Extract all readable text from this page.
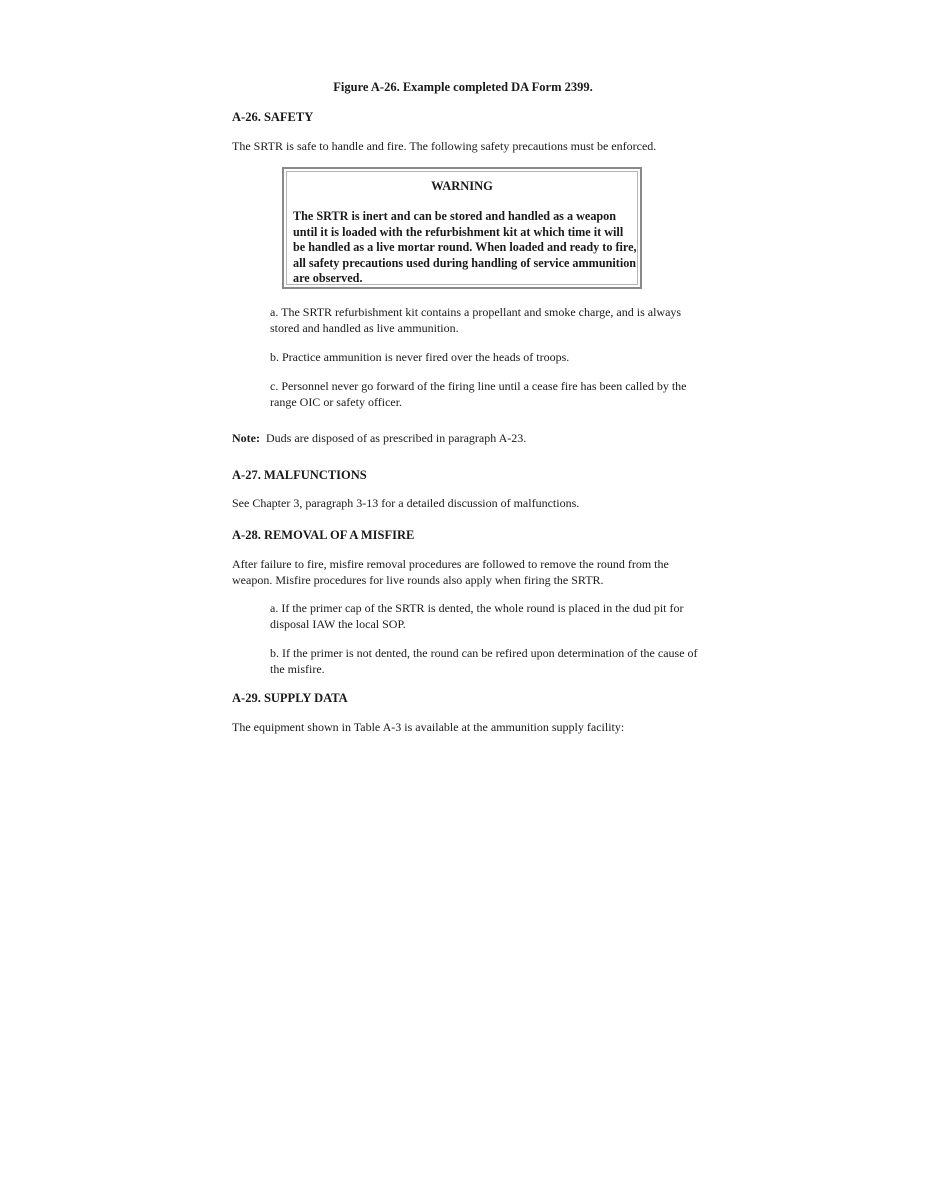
Figure A-26. Example completed DA Form 2399.

A-26. SAFETY

The SRTR is safe to handle and fire. The following safety precautions must be enforced.

WARNING

The SRTR is inert and can be stored and handled as a weapon until it is loaded with the refurbishment kit at which time it will be handled as a live mortar round. When loaded and ready to fire, all safety precautions used during handling of service ammunition are observed.

a. The SRTR refurbishment kit contains a propellant and smoke charge, and is always stored and handled as live ammunition.

b. Practice ammunition is never fired over the heads of troops.

c. Personnel never go forward of the firing line until a cease fire has been called by the range OIC or safety officer.

Note: Duds are disposed of as prescribed in paragraph A-23.

A-27. MALFUNCTIONS

See Chapter 3, paragraph 3-13 for a detailed discussion of malfunctions.

A-28. REMOVAL OF A MISFIRE

After failure to fire, misfire removal procedures are followed to remove the round from the weapon. Misfire procedures for live rounds also apply when firing the SRTR.

a. If the primer cap of the SRTR is dented, the whole round is placed in the dud pit for disposal IAW the local SOP.

b. If the primer is not dented, the round can be refired upon determination of the cause of the misfire.

A-29. SUPPLY DATA

The equipment shown in Table A-3 is available at the ammunition supply facility:
